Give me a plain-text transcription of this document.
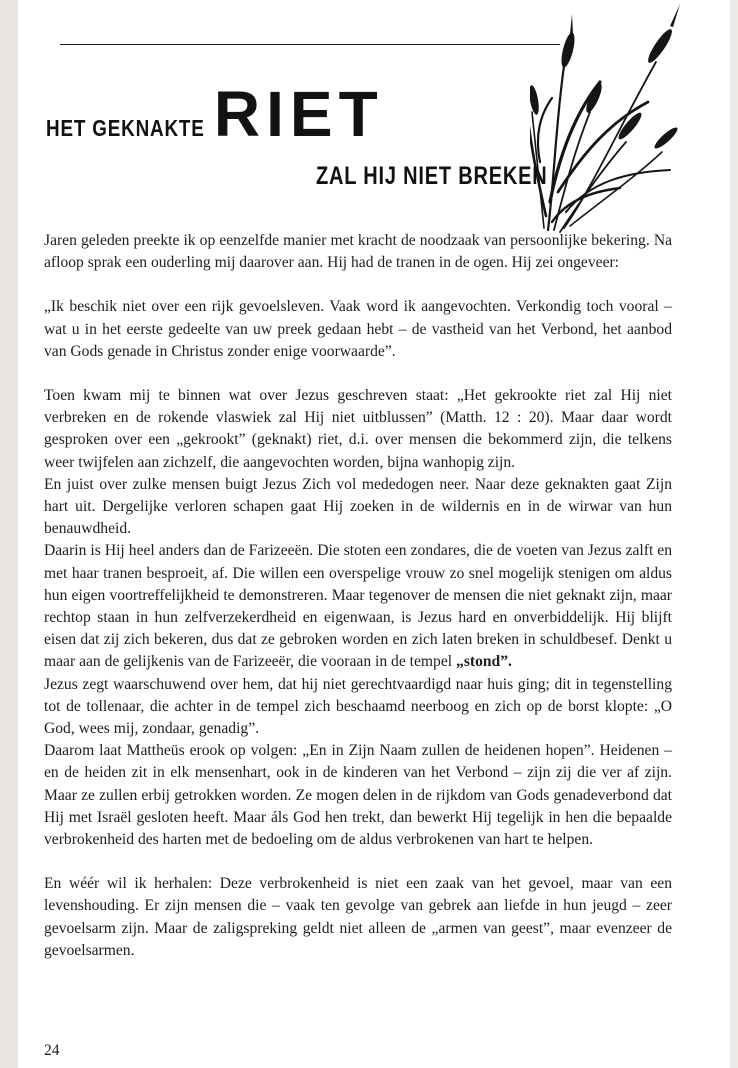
HET GEKNAKTE RIET
ZAL HIJ NIET BREKEN

Jaren geleden preekte ik op eenzelfde manier met kracht de noodzaak van persoonlijke bekering. Na afloop sprak een ouderling mij daarover aan. Hij had de tranen in de ogen. Hij zei ongeveer:

„Ik beschik niet over een rijk gevoelsleven. Vaak word ik aangevochten. Verkondig toch vooral – wat u in het eerste gedeelte van uw preek gedaan hebt – de vastheid van het Verbond, het aanbod van Gods genade in Christus zonder enige voorwaarde”.

Toen kwam mij te binnen wat over Jezus geschreven staat: „Het gekrookte riet zal Hij niet verbreken en de rokende vlaswiek zal Hij niet uitblussen” (Matth. 12 : 20). Maar daar wordt gesproken over een „gekrookt” (geknakt) riet, d.i. over mensen die bekommerd zijn, die telkens weer twijfelen aan zichzelf, die aangevochten worden, bijna wanhopig zijn.

En juist over zulke mensen buigt Jezus Zich vol mededogen neer. Naar deze geknakten gaat Zijn hart uit. Dergelijke verloren schapen gaat Hij zoeken in de wildernis en in de wirwar van hun benauwdheid.

Daarin is Hij heel anders dan de Farizeeën. Die stoten een zondares, die de voeten van Jezus zalft en met haar tranen besproeit, af. Die willen een overspelige vrouw zo snel mogelijk stenigen om aldus hun eigen voortreffelijkheid te demonstreren. Maar tegenover de mensen die niet geknakt zijn, maar rechtop staan in hun zelfverzekerdheid en eigenwaan, is Jezus hard en onverbiddelijk. Hij blijft eisen dat zij zich bekeren, dus dat ze gebroken worden en zich laten breken in schuldbesef. Denkt u maar aan de gelijkenis van de Farizeeër, die vooraan in de tempel „stond”.

Jezus zegt waarschuwend over hem, dat hij niet gerechtvaardigd naar huis ging; dit in tegenstelling tot de tollenaar, die achter in de tempel zich beschaamd neerboog en zich op de borst klopte: „O God, wees mij, zondaar, genadig”.

Daarom laat Mattheüs erook op volgen: „En in Zijn Naam zullen de heidenen hopen”. Heidenen – en de heiden zit in elk mensenhart, ook in de kinderen van het Verbond – zijn zij die ver af zijn. Maar ze zullen erbij getrokken worden. Ze mogen delen in de rijkdom van Gods genadeverbond dat Hij met Israël gesloten heeft. Maar áls God hen trekt, dan bewerkt Hij tegelijk in hen die bepaalde verbrokenheid des harten met de bedoeling om de aldus verbrokenen van hart te helpen.

En wéér wil ik herhalen: Deze verbrokenheid is niet een zaak van het gevoel, maar van een levenshouding. Er zijn mensen die – vaak ten gevolge van gebrek aan liefde in hun jeugd – zeer gevoelsarm zijn. Maar de zaligspreking geldt niet alleen de „armen van geest”, maar evenzeer de gevoelsarmen.

24
